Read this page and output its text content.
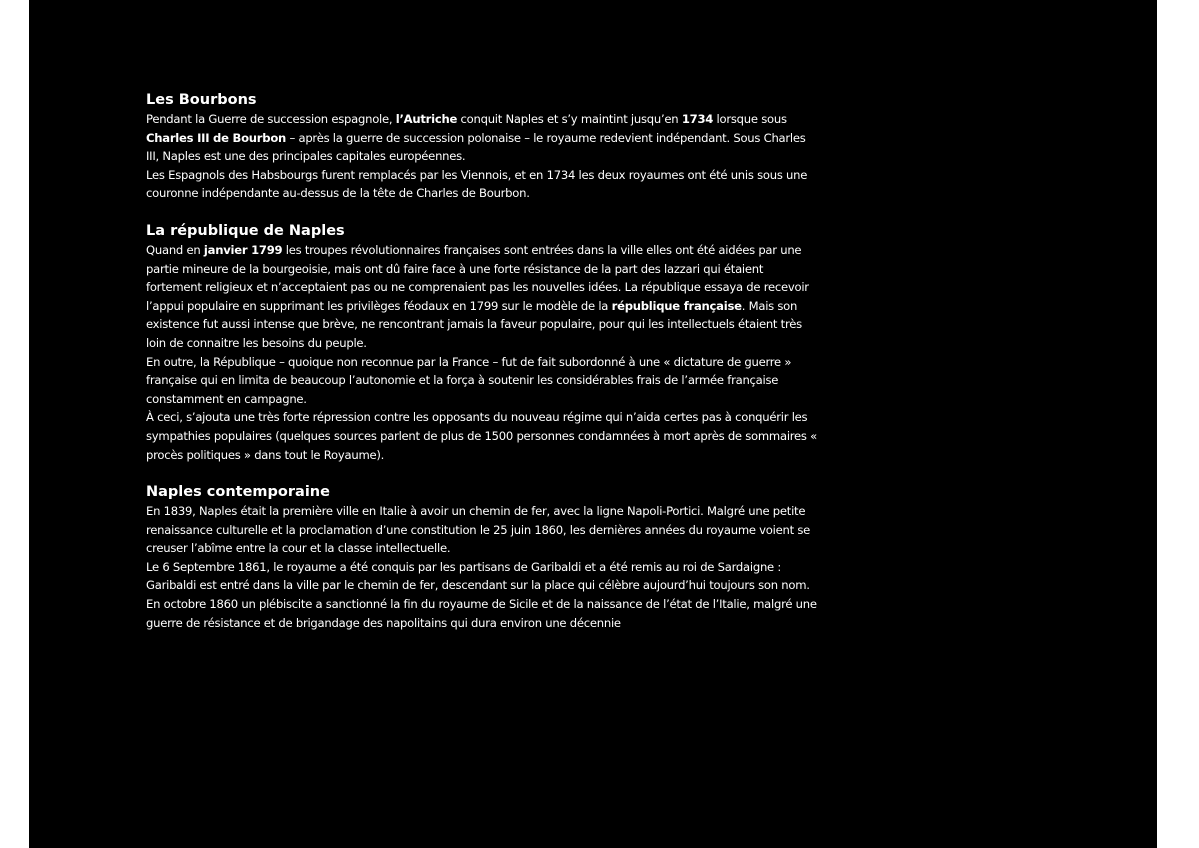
Les Bourbons

Pendant la Guerre de succession espagnole, l’Autriche conquit Naples et s’y maintint jusqu’en 1734 lorsque sous Charles III de Bourbon – après la guerre de succession polonaise – le royaume redevient indépendant. Sous Charles III, Naples est une des principales capitales européennes.

Les Espagnols des Habsbourgs furent remplacés par les Viennois, et en 1734 les deux royaumes ont été unis sous une couronne indépendante au-dessus de la tête de Charles de Bourbon.

La république de Naples

Quand en janvier 1799 les troupes révolutionnaires françaises sont entrées dans la ville elles ont été aidées par une partie mineure de la bourgeoisie, mais ont dû faire face à une forte résistance de la part des lazzari qui étaient fortement religieux et n’acceptaient pas ou ne comprenaient pas les nouvelles idées. La république essaya de recevoir l’appui populaire en supprimant les privilèges féodaux en 1799 sur le modèle de la république française. Mais son existence fut aussi intense que brève, ne rencontrant jamais la faveur populaire, pour qui les intellectuels étaient très loin de connaitre les besoins du peuple.

En outre, la République – quoique non reconnue par la France – fut de fait subordonné à une « dictature de guerre » française qui en limita de beaucoup l’autonomie et la força à soutenir les considérables frais de l’armée française constamment en campagne.

À ceci, s’ajouta une très forte répression contre les opposants du nouveau régime qui n’aida certes pas à conquérir les sympathies populaires (quelques sources parlent de plus de 1500 personnes condamnées à mort après de sommaires « procès politiques » dans tout le Royaume).

Naples contemporaine

En 1839, Naples était la première ville en Italie à avoir un chemin de fer, avec la ligne Napoli-Portici. Malgré une petite renaissance culturelle et la proclamation d’une constitution le 25 juin 1860, les dernières années du royaume voient se creuser l’abîme entre la cour et la classe intellectuelle.

Le 6 Septembre 1861, le royaume a été conquis par les partisans de Garibaldi et a été remis au roi de Sardaigne : Garibaldi est entré dans la ville par le chemin de fer, descendant sur la place qui célèbre aujourd’hui toujours son nom. En octobre 1860 un plébiscite a sanctionné la fin du royaume de Sicile et de la naissance de l’état de l’Italie, malgré une guerre de résistance et de brigandage des napolitains qui dura environ une décennie
